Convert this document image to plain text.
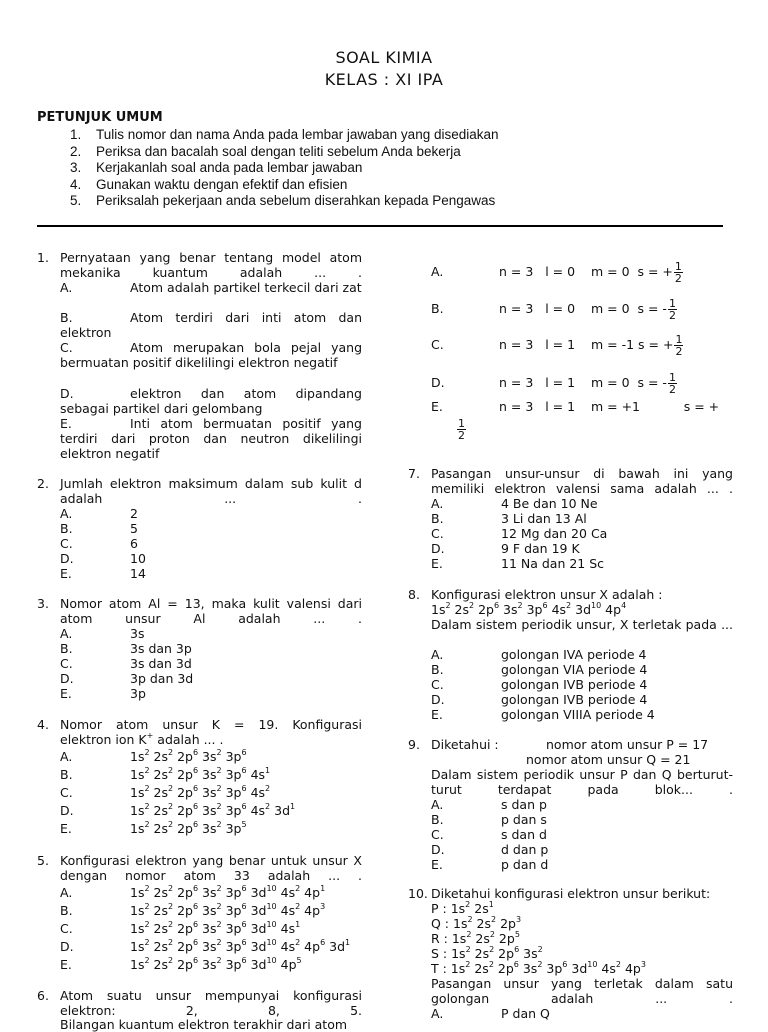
SOAL KIMIA
KELAS : XI IPA
PETUNJUK UMUM
1. Tulis nomor dan nama Anda pada lembar jawaban yang disediakan
2. Periksa dan bacalah soal dengan teliti sebelum Anda bekerja
3. Kerjakanlah soal anda pada lembar jawaban
4. Gunakan waktu dengan efektif dan efisien
5. Periksalah pekerjaan anda sebelum diserahkan kepada Pengawas
1. Pernyataan yang benar tentang model atom mekanika kuantum adalah ... .
A.	Atom adalah partikel terkecil dari zat
B.	Atom terdiri dari inti atom dan elektron
C.	Atom merupakan bola pejal yang bermuatan positif dikelilingi elektron negatif
D.	elektron dan atom dipandang sebagai partikel dari gelombang
E.	Inti atom bermuatan positif yang terdiri dari proton dan neutron dikelilingi elektron negatif
2. Jumlah elektron maksimum dalam sub kulit d adalah ... .
A.	2
B.	5
C.	6
D.	10
E.	14
3. Nomor atom Al = 13, maka kulit valensi dari atom unsur Al adalah ... .
A.	3s
B.	3s dan 3p
C.	3s dan 3d
D.	3p dan 3d
E.	3p
4. Nomor atom unsur K = 19. Konfigurasi
elektron ion K+ adalah ... .
A.	$1s^2$ $2s^2$ $2p^6$ $3s^2$ $3p^6$
B.	$1s^2$ $2s^2$ $2p^6$ $3s^2$ $3p^6$ $4s^1$
C.	$1s^2$ $2s^2$ $2p^6$ $3s^2$ $3p^6$ $4s^2$
D.	$1s^2$ $2s^2$ $2p^6$ $3s^2$ $3p^6$ $4s^2$ $3d^1$
E.	$1s^2$ $2s^2$ $2p^6$ $3s^2$ $3p^5$
5. Konfigurasi elektron yang benar untuk unsur X dengan nomor atom 33 adalah ... .
A.	$1s^2$ $2s^2$ $2p^6$ $3s^2$ $3p^6$ $3d^{10}$ $4s^2$ $4p^1$
B.	$1s^2$ $2s^2$ $2p^6$ $3s^2$ $3p^6$ $3d^{10}$ $4s^2$ $4p^3$
C.	$1s^2$ $2s^2$ $2p^6$ $3s^2$ $3p^6$ $3d^{10}$ $4s^1$
D.	$1s^2$ $2s^2$ $2p^6$ $3s^2$ $3p^6$ $3d^{10}$ $4s^2$ $4p^6$ $3d^1$
E.	$1s^2$ $2s^2$ $2p^6$ $3s^2$ $3p^6$ $3d^{10}$ $4p^5$
6. Atom suatu unsur mempunyai konfigurasi elektron: 2, 8, 5.
Bilangan kuantum elektron terakhir dari atom
A.	n = 3 l = 0 m = 0 s = + $\frac{1}{2}$
B.	n = 3 l = 0 m = 0 s = - $\frac{1}{2}$
C.	n = 3 l = 1 m = -1 s = + $\frac{1}{2}$
D.	n = 3 l = 1 m = 0 s = - $\frac{1}{2}$
E.	n = 3 l = 1 m = +1	s = +
$\frac{1}{2}$
7. Pasangan unsur-unsur di bawah ini yang memiliki elektron valensi sama adalah ... .
A.	4 Be dan 10 Ne
B.	3 Li dan 13 Al
C.	12 Mg dan 20 Ca
D.	9 F dan 19 K
E.	11 Na dan 21 Sc
8. Konfigurasi elektron unsur X adalah :
$1s^2$ $2s^2$ $2p^6$ $3s^2$ $3p^6$ $4s^2$ $3d^{10}$ $4p^4$
Dalam sistem periodik unsur, X terletak pada ...
A.	golongan IVA periode 4
B.	golongan VIA periode 4
C.	golongan IVB periode 4
D.	golongan IVB periode 4
E.	golongan VIIIA periode 4
9. Diketahui :	nomor atom unsur P = 17
nomor atom unsur Q = 21
Dalam sistem periodik unsur P dan Q berturut-turut terdapat pada blok... .
A.	s dan p
B.	p dan s
C.	s dan d
D.	d dan p
E.	p dan d
10. Diketahui konfigurasi elektron unsur berikut:
P : $1s^2$ $2s^1$
Q : $1s^2$ $2s^2$ $2p^3$
R : $1s^2$ $2s^2$ $2p^5$
S : $1s^2$ $2s^2$ $2p^6$ $3s^2$
T : $1s^2$ $2s^2$ $2p^6$ $3s^2$ $3p^6$ $3d^{10}$ $4s^2$ $4p^3$
Pasangan unsur yang terletak dalam satu golongan adalah ... .
A.	P dan Q
